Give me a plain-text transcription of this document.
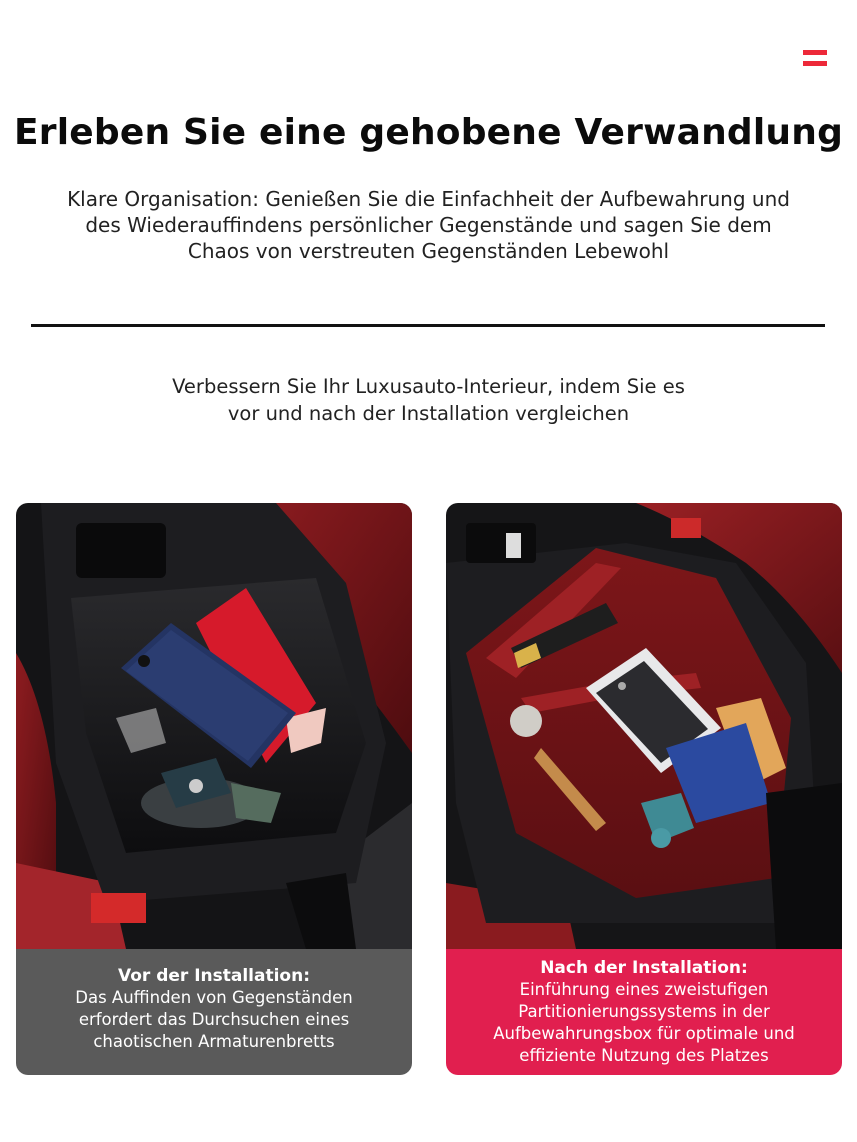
Erleben Sie eine gehobene Verwandlung
Klare Organisation: Genießen Sie die Einfachheit der Aufbewahrung und
des Wiederauffindens persönlicher Gegenstände und sagen Sie dem
Chaos von verstreuten Gegenständen Lebewohl
Verbessern Sie Ihr Luxusauto-Interieur, indem Sie es
vor und nach der Installation vergleichen
Vor der Installation:
Das Auffinden von Gegenständen
erfordert das Durchsuchen eines
chaotischen Armaturenbretts
Nach der Installation:
Einführung eines zweistufigen
Partitionierungssystems in der
Aufbewahrungsbox für optimale und
effiziente Nutzung des Platzes
